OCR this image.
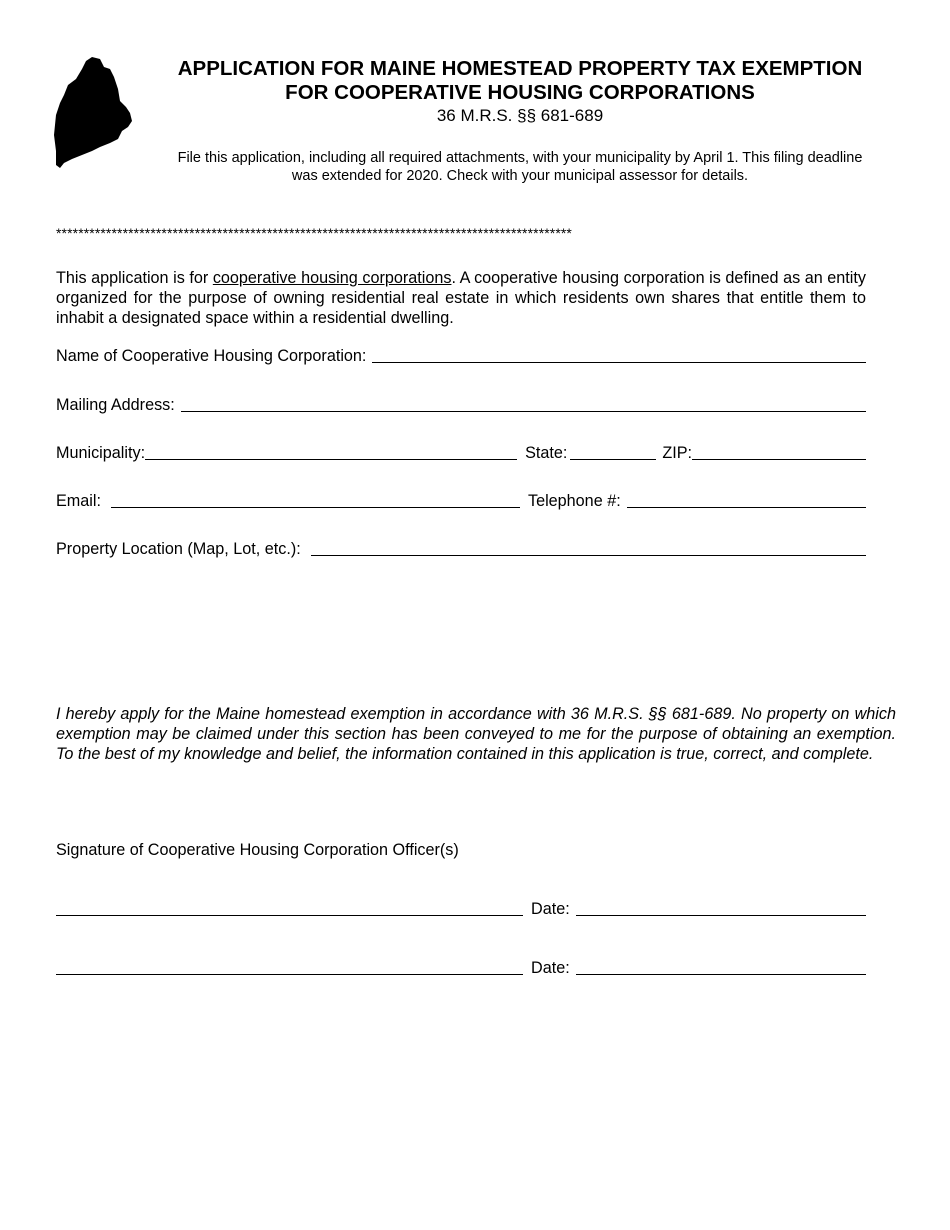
APPLICATION FOR MAINE HOMESTEAD PROPERTY TAX EXEMPTION
FOR COOPERATIVE HOUSING CORPORATIONS
36 M.R.S. §§ 681-689
File this application, including all required attachments, with your municipality by April 1. This filing deadline
was extended for 2020. Check with your municipal assessor for details.
*********************************************************************************************
This application is for cooperative housing corporations. A cooperative housing corporation is defined as an entity organized for the purpose of owning residential real estate in which residents own shares that entitle them to inhabit a designated space within a residential dwelling.
Name of Cooperative Housing Corporation:
Mailing Address:
Municipality:	State:	ZIP:
Email:	Telephone #:
Property Location (Map, Lot, etc.):
I hereby apply for the Maine homestead exemption in accordance with 36 M.R.S. §§ 681-689. No property on which exemption may be claimed under this section has been conveyed to me for the purpose of obtaining an exemption. To the best of my knowledge and belief, the information contained in this application is true, correct, and complete.
Signature of Cooperative Housing Corporation Officer(s)
Date:
Date:
